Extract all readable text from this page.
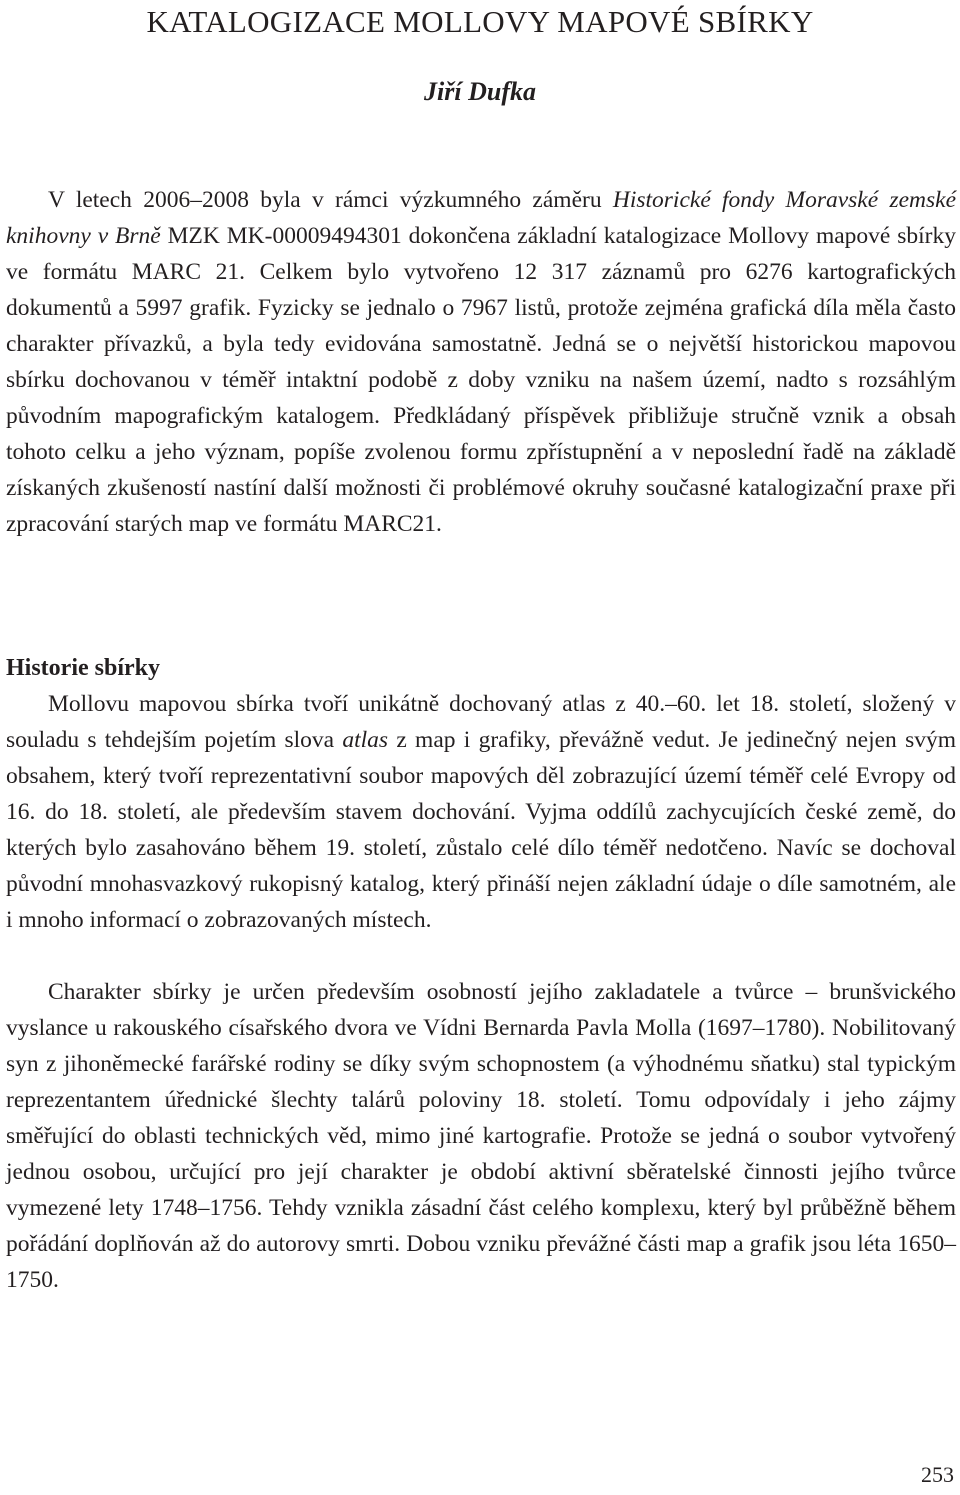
KATALOGIZACE MOLLOVY MAPOVÉ SBÍRKY

Jiří Dufka

V letech 2006–2008 byla v rámci výzkumného záměru Historické fondy Moravské zemské knihovny v Brně MZK MK-00009494301 dokončena základní katalogizace Mollovy mapové sbírky ve formátu MARC 21. Celkem bylo vytvořeno 12 317 záznamů pro 6276 kartografických dokumentů a 5997 grafik. Fyzicky se jednalo o 7967 listů, protože zejména grafická díla měla často charakter přívazků, a byla tedy evidována samostatně. Jedná se o největší historickou mapovou sbírku dochovanou v téměř intaktní podobě z doby vzniku na našem území, nadto s rozsáhlým původním mapografickým katalogem. Předkládaný příspěvek přibližuje stručně vznik a obsah tohoto celku a jeho význam, popíše zvolenou formu zpřístupnění a v neposlední řadě na základě získaných zkušeností nastíní další možnosti či problémové okruhy současné katalogizační praxe při zpracování starých map ve formátu MARC21.

Historie sbírky

Mollovu mapovou sbírka tvoří unikátně dochovaný atlas z 40.–60. let 18. století, složený v souladu s tehdejším pojetím slova atlas z map i grafiky, převážně vedut. Je jedinečný nejen svým obsahem, který tvoří reprezentativní soubor mapových děl zobrazující území téměř celé Evropy od 16. do 18. století, ale především stavem dochování. Vyjma oddílů zachycujících české země, do kterých bylo zasahováno během 19. století, zůstalo celé dílo téměř nedotčeno. Navíc se dochoval původní mnohasvazkový rukopisný katalog, který přináší nejen základní údaje o díle samotném, ale i mnoho informací o zobrazovaných místech.

Charakter sbírky je určen především osobností jejího zakladatele a tvůrce – brunšvického vyslance u rakouského císařského dvora ve Vídni Bernarda Pavla Molla (1697–1780). Nobilitovaný syn z jihoněmecké farářské rodiny se díky svým schopnostem (a výhodnému sňatku) stal typickým reprezentantem úřednické šlechty talárů poloviny 18. století. Tomu odpovídaly i jeho zájmy směřující do oblasti technických věd, mimo jiné kartografie. Protože se jedná o soubor vytvořený jednou osobou, určující pro její charakter je období aktivní sběratelské činnosti jejího tvůrce vymezené lety 1748–1756. Tehdy vznikla zásadní část celého komplexu, který byl průběžně během pořádání doplňován až do autorovy smrti. Dobou vzniku převážné části map a grafik jsou léta 1650–1750.

253
